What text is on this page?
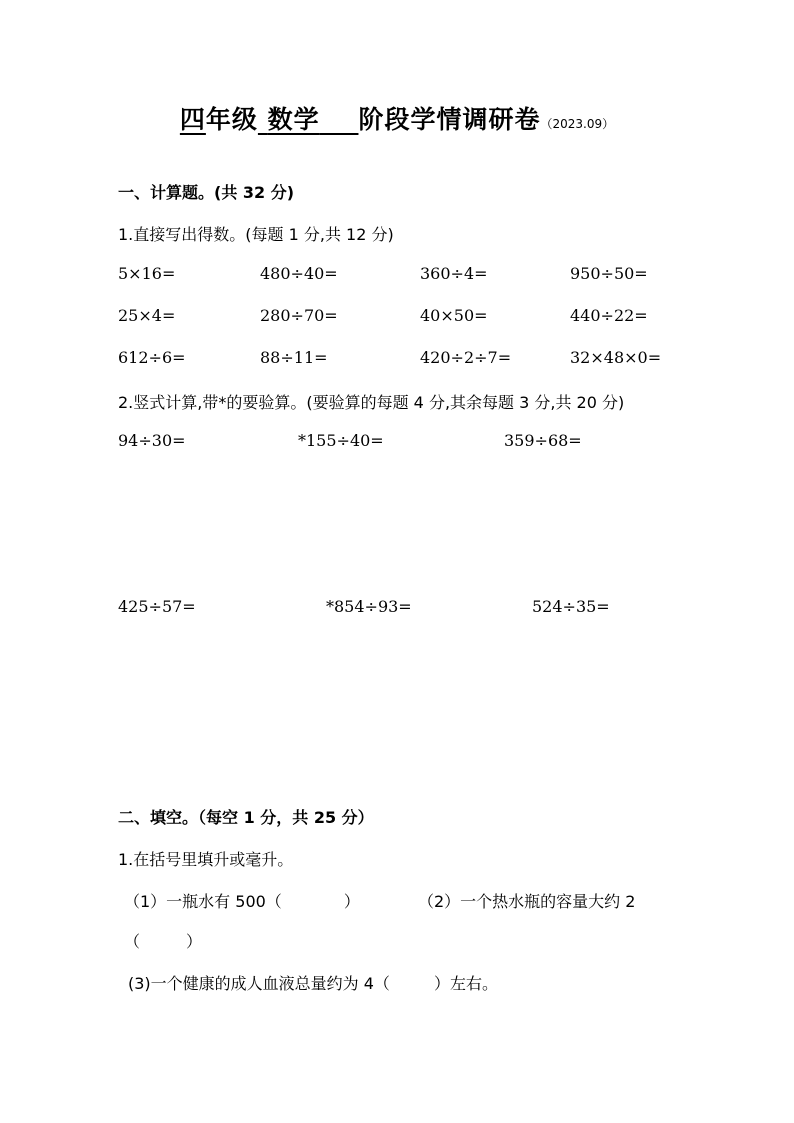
四年级 数学 阶段学情调研卷（2023.09）
一、计算题。(共 32 分)
1.直接写出得数。(每题 1 分,共 12 分)
5×16=	480÷40=	360÷4=	950÷50=
25×4=	280÷70=	40×50=	440÷22=
612÷6=	88÷11=	420÷2÷7=	32×48×0=
2.竖式计算,带*的要验算。(要验算的每题 4 分,其余每题 3 分,共 20 分)
94÷30=	*155÷40=	359÷68=
425÷57=	*854÷93=	524÷35=
二、填空。（每空 1 分，共 25 分）
1.在括号里填升或毫升。
（1）一瓶水有 500（	）	（2）一个热水瓶的容量大约 2
（	）
(3)一个健康的成人血液总量约为 4（	）左右。
